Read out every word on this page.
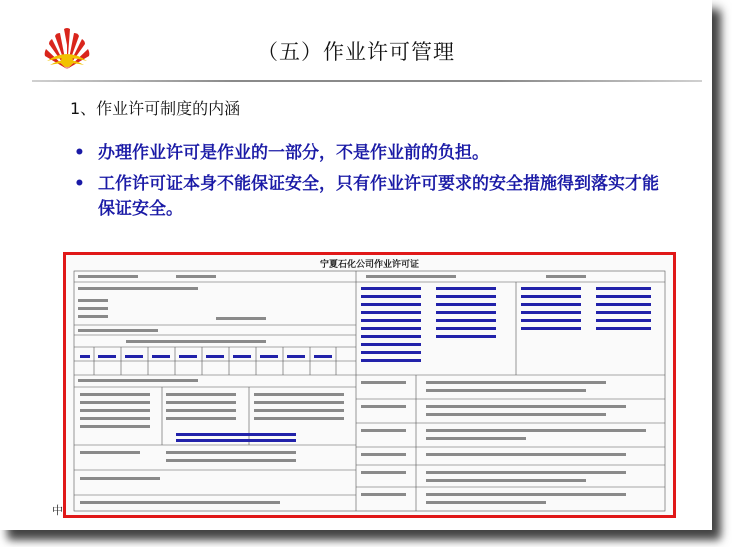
（五）作业许可管理
1、作业许可制度的内涵
• 办理作业许可是作业的一部分，不是作业前的负担。
• 工作许可证本身不能保证安全，只有作业许可要求的安全措施得到落实才能保证安全。
宁夏石化公司作业许可证
中
